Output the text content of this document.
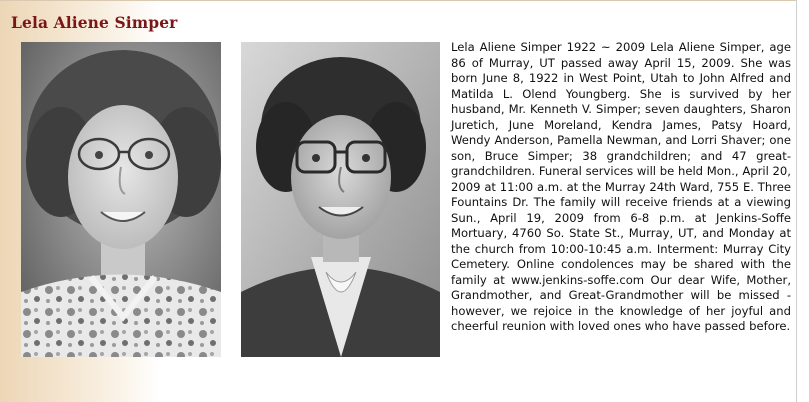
Lela Aliene Simper

Lela Aliene Simper 1922 ~ 2009 Lela Aliene Simper, age 86 of Murray, UT passed away April 15, 2009. She was born June 8, 1922 in West Point, Utah to John Alfred and Matilda L. Olend Youngberg. She is survived by her husband, Mr. Kenneth V. Simper; seven daughters, Sharon Juretich, June Moreland, Kendra James, Patsy Hoard, Wendy Anderson, Pamella Newman, and Lorri Shaver; one son, Bruce Simper; 38 grandchildren; and 47 great-grandchildren. Funeral services will be held Mon., April 20, 2009 at 11:00 a.m. at the Murray 24th Ward, 755 E. Three Fountains Dr. The family will receive friends at a viewing Sun., April 19, 2009 from 6-8 p.m. at Jenkins-Soffe Mortuary, 4760 So. State St., Murray, UT, and Monday at the church from 10:00-10:45 a.m. Interment: Murray City Cemetery. Online condolences may be shared with the family at www.jenkins-soffe.com Our dear Wife, Mother, Grandmother, and Great-Grandmother will be missed - however, we rejoice in the knowledge of her joyful and cheerful reunion with loved ones who have passed before.
